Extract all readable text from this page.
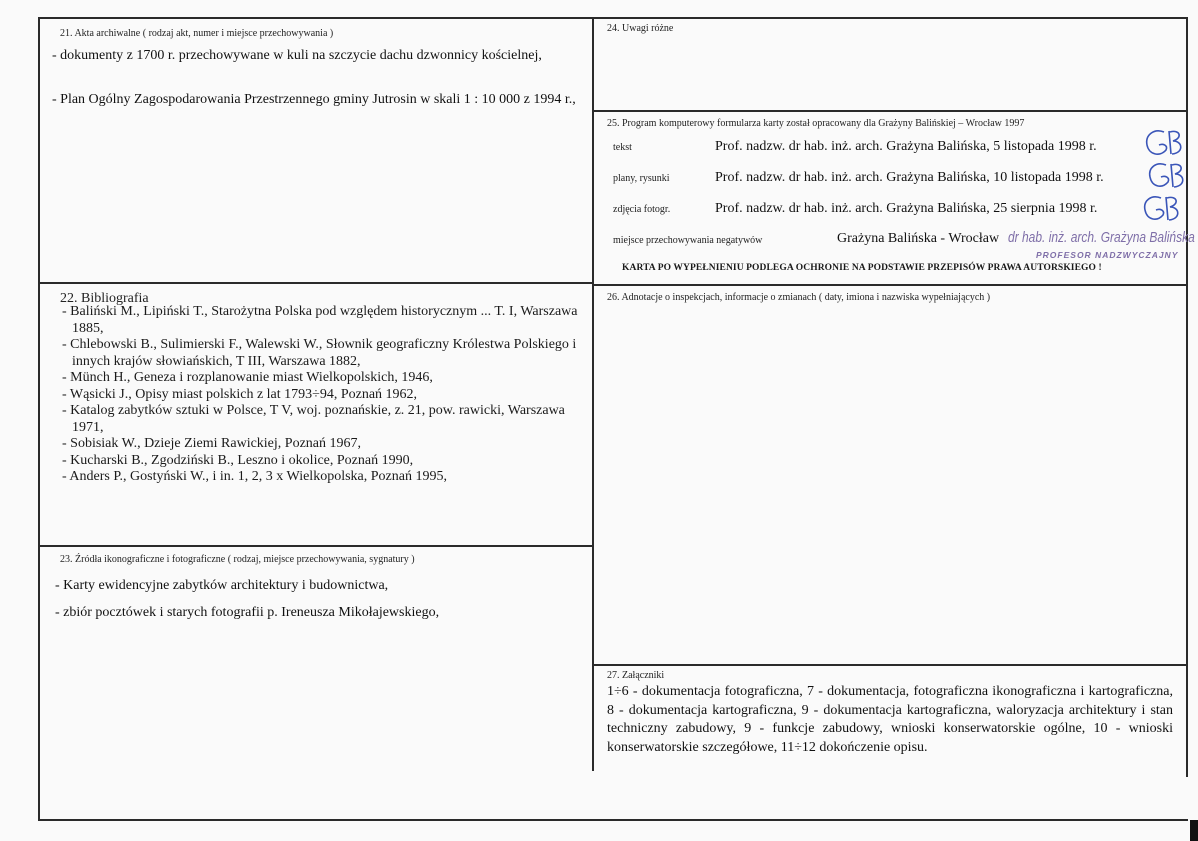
21. Akta archiwalne ( rodzaj akt, numer i miejsce przechowywania )
- dokumenty z 1700 r. przechowywane w kuli na szczycie dachu dzwonnicy kościelnej,
- Plan Ogólny Zagospodarowania Przestrzennego gminy Jutrosin w skali 1 : 10 000 z 1994 r.,
22. Bibliografia
- Baliński M., Lipiński T., Starożytna Polska pod względem historycznym ... T. I, Warszawa 1885,
- Chlebowski B., Sulimierski F., Walewski W., Słownik geograficzny Królestwa Polskiego i innych krajów słowiańskich, T III, Warszawa 1882,
- Münch H., Geneza i rozplanowanie miast Wielkopolskich, 1946,
- Wąsicki J., Opisy miast polskich z lat 1793÷94, Poznań 1962,
- Katalog zabytków sztuki w Polsce, T V, woj. poznańskie, z. 21, pow. rawicki, Warszawa 1971,
- Sobisiak W., Dzieje Ziemi Rawickiej, Poznań 1967,
- Kucharski B., Zgodziński B., Leszno i okolice, Poznań 1990,
- Anders P., Gostyński W., i in. 1, 2, 3 x Wielkopolska, Poznań 1995,
23. Źródła ikonograficzne i fotograficzne ( rodzaj, miejsce przechowywania, sygnatury )
- Karty ewidencyjne zabytków architektury i budownictwa,
- zbiór pocztówek i starych fotografii p. Ireneusza Mikołajewskiego,
24. Uwagi różne
25. Program komputerowy formularza karty został opracowany dla Grażyny Balińskiej – Wrocław 1997
tekst	Prof. nadzw. dr hab. inż. arch. Grażyna Balińska, 5 listopada 1998 r.
plany, rysunki	Prof. nadzw. dr hab. inż. arch. Grażyna Balińska, 10 listopada 1998 r.
zdjęcia fotogr.	Prof. nadzw. dr hab. inż. arch. Grażyna Balińska, 25 sierpnia 1998 r.
miejsce przechowywania negatywów	Grażyna Balińska - Wrocław dr hab. inż. arch. Grażyna Balińska
PROFESOR NADZWYCZAJNY
KARTA PO WYPEŁNIENIU PODLEGA OCHRONIE NA PODSTAWIE PRZEPISÓW PRAWA AUTORSKIEGO !
26. Adnotacje o inspekcjach, informacje o zmianach ( daty, imiona i nazwiska wypełniających )
27. Załączniki
1÷6 - dokumentacja fotograficzna, 7 - dokumentacja, fotograficzna ikonograficzna i kartograficzna, 8 - dokumentacja kartograficzna, 9 - dokumentacja kartograficzna, waloryzacja architektury i stan techniczny zabudowy, 9 - funkcje zabudowy, wnioski konserwatorskie ogólne, 10 - wnioski konserwatorskie szczegółowe, 11÷12 dokończenie opisu.
